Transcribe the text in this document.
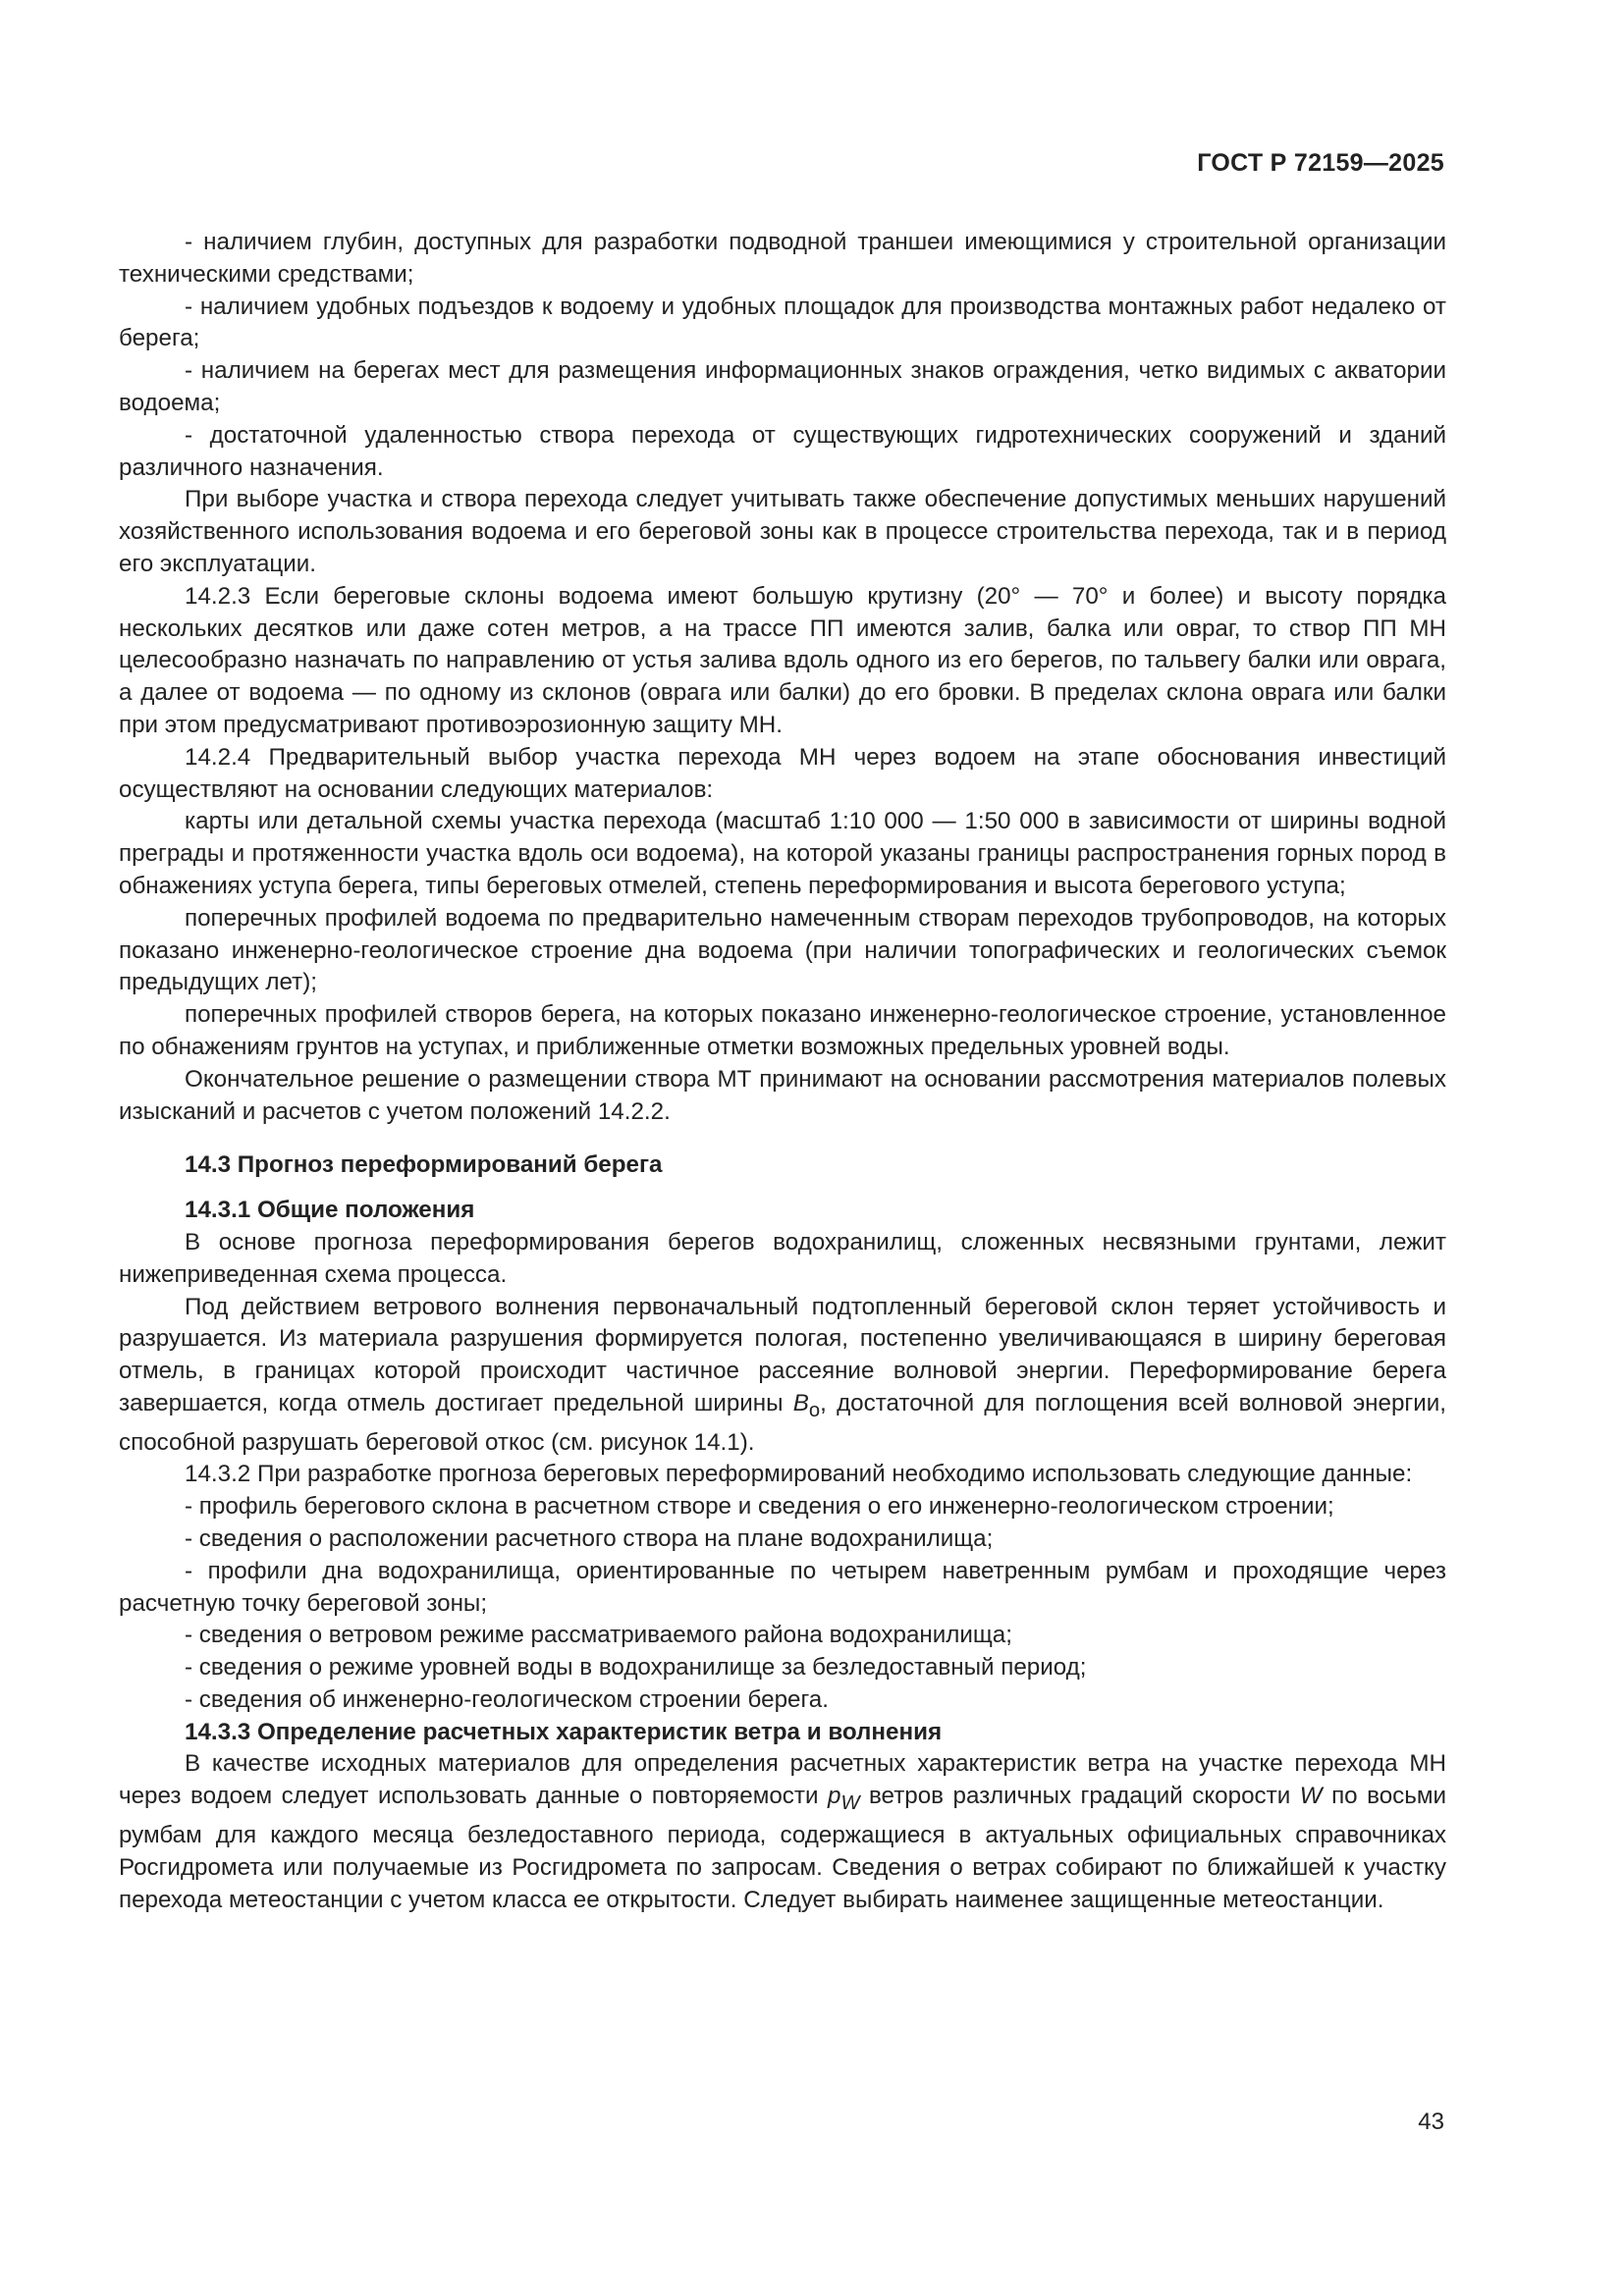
ГОСТ Р 72159—2025

- наличием глубин, доступных для разработки подводной траншеи имеющимися у строительной организации техническими средствами;

- наличием удобных подъездов к водоему и удобных площадок для производства монтажных работ недалеко от берега;

- наличием на берегах мест для размещения информационных знаков ограждения, четко видимых с акватории водоема;

- достаточной удаленностью створа перехода от существующих гидротехнических сооружений и зданий различного назначения.

При выборе участка и створа перехода следует учитывать также обеспечение допустимых меньших нарушений хозяйственного использования водоема и его береговой зоны как в процессе строительства перехода, так и в период его эксплуатации.

14.2.3 Если береговые склоны водоема имеют большую крутизну (20° — 70° и более) и высоту порядка нескольких десятков или даже сотен метров, а на трассе ПП имеются залив, балка или овраг, то створ ПП МН целесообразно назначать по направлению от устья залива вдоль одного из его берегов, по тальвегу балки или оврага, а далее от водоема — по одному из склонов (оврага или балки) до его бровки. В пределах склона оврага или балки при этом предусматривают противоэрозионную защиту МН.

14.2.4 Предварительный выбор участка перехода МН через водоем на этапе обоснования инвестиций осуществляют на основании следующих материалов:

карты или детальной схемы участка перехода (масштаб 1:10 000 — 1:50 000 в зависимости от ширины водной преграды и протяженности участка вдоль оси водоема), на которой указаны границы распространения горных пород в обнажениях уступа берега, типы береговых отмелей, степень переформирования и высота берегового уступа;

поперечных профилей водоема по предварительно намеченным створам переходов трубопроводов, на которых показано инженерно-геологическое строение дна водоема (при наличии топографических и геологических съемок предыдущих лет);

поперечных профилей створов берега, на которых показано инженерно-геологическое строение, установленное по обнажениям грунтов на уступах, и приближенные отметки возможных предельных уровней воды.

Окончательное решение о размещении створа МТ принимают на основании рассмотрения материалов полевых изысканий и расчетов с учетом положений 14.2.2.

14.3 Прогноз переформирований берега

14.3.1 Общие положения

В основе прогноза переформирования берегов водохранилищ, сложенных несвязными грунтами, лежит нижеприведенная схема процесса.

Под действием ветрового волнения первоначальный подтопленный береговой склон теряет устойчивость и разрушается. Из материала разрушения формируется пологая, постепенно увеличивающаяся в ширину береговая отмель, в границах которой происходит частичное рассеяние волновой энергии. Переформирование берега завершается, когда отмель достигает предельной ширины $B_о$, достаточной для поглощения всей волновой энергии, способной разрушать береговой откос (см. рисунок 14.1).

14.3.2 При разработке прогноза береговых переформирований необходимо использовать следующие данные:

- профиль берегового склона в расчетном створе и сведения о его инженерно-геологическом строении;

- сведения о расположении расчетного створа на плане водохранилища;

- профили дна водохранилища, ориентированные по четырем наветренным румбам и проходящие через расчетную точку береговой зоны;

- сведения о ветровом режиме рассматриваемого района водохранилища;

- сведения о режиме уровней воды в водохранилище за безледоставный период;

- сведения об инженерно-геологическом строении берега.

14.3.3 Определение расчетных характеристик ветра и волнения

В качестве исходных материалов для определения расчетных характеристик ветра на участке перехода МН через водоем следует использовать данные о повторяемости $p_W$ ветров различных градаций скорости W по восьми румбам для каждого месяца безледоставного периода, содержащиеся в актуальных официальных справочниках Росгидромета или получаемые из Росгидромета по запросам. Сведения о ветрах собирают по ближайшей к участку перехода метеостанции с учетом класса ее открытости. Следует выбирать наименее защищенные метеостанции.

43
